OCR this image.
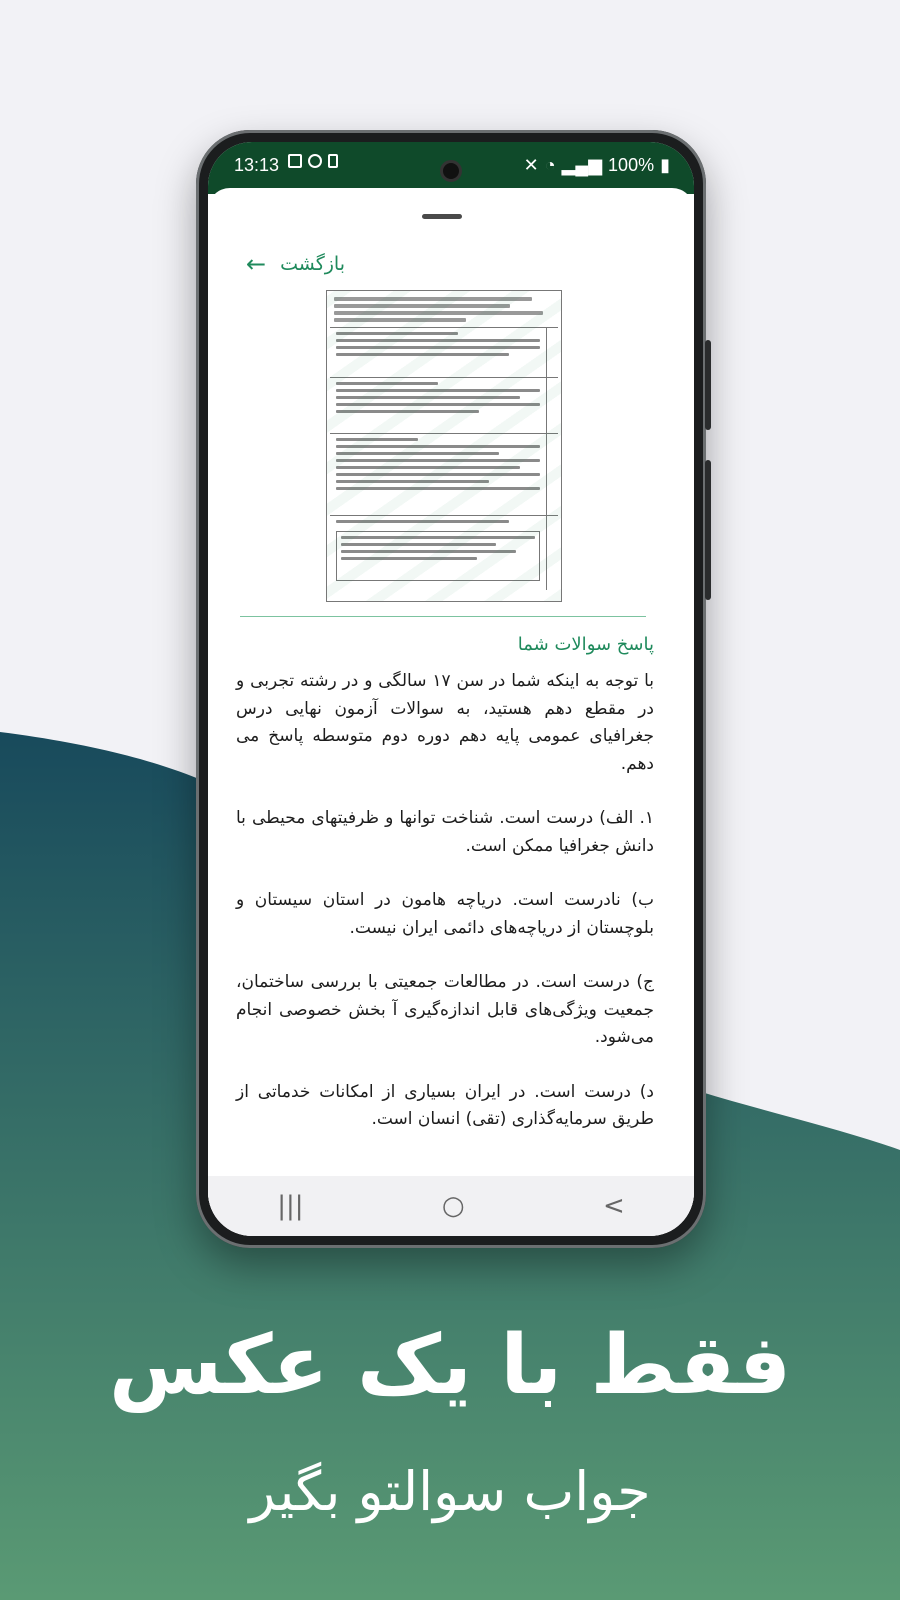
13:13	✕ ◔ ▂▄▆ 100% ▮
بازگشت
←
پاسخ سوالات شما

با توجه به اینکه شما در سن ۱۷ سالگی و در رشته تجربی و در مقطع دهم هستید، به سوالات آزمون نهایی درس جغرافیای عمومی پایه دهم دوره دوم متوسطه پاسخ می دهم.

۱. الف) درست است. شناخت توانها و ظرفیتهای محیطی با دانش جغرافیا ممکن است.

ب) نادرست است. دریاچه هامون در استان سیستان و بلوچستان از دریاچه‌های دائمی ایران نیست.

ج) درست است. در مطالعات جمعیتی با بررسی ساختمان، جمعیت ویژگی‌های قابل اندازه‌گیری آ بخش خصوصی انجام می‌شود.

د) درست است. در ایران بسیاری از امکانات خدماتی از طریق سرمایه‌گذاری (تقی) انسان است.

|||	○	<
فقط با یک عکس
جواب سوالتو بگیر
